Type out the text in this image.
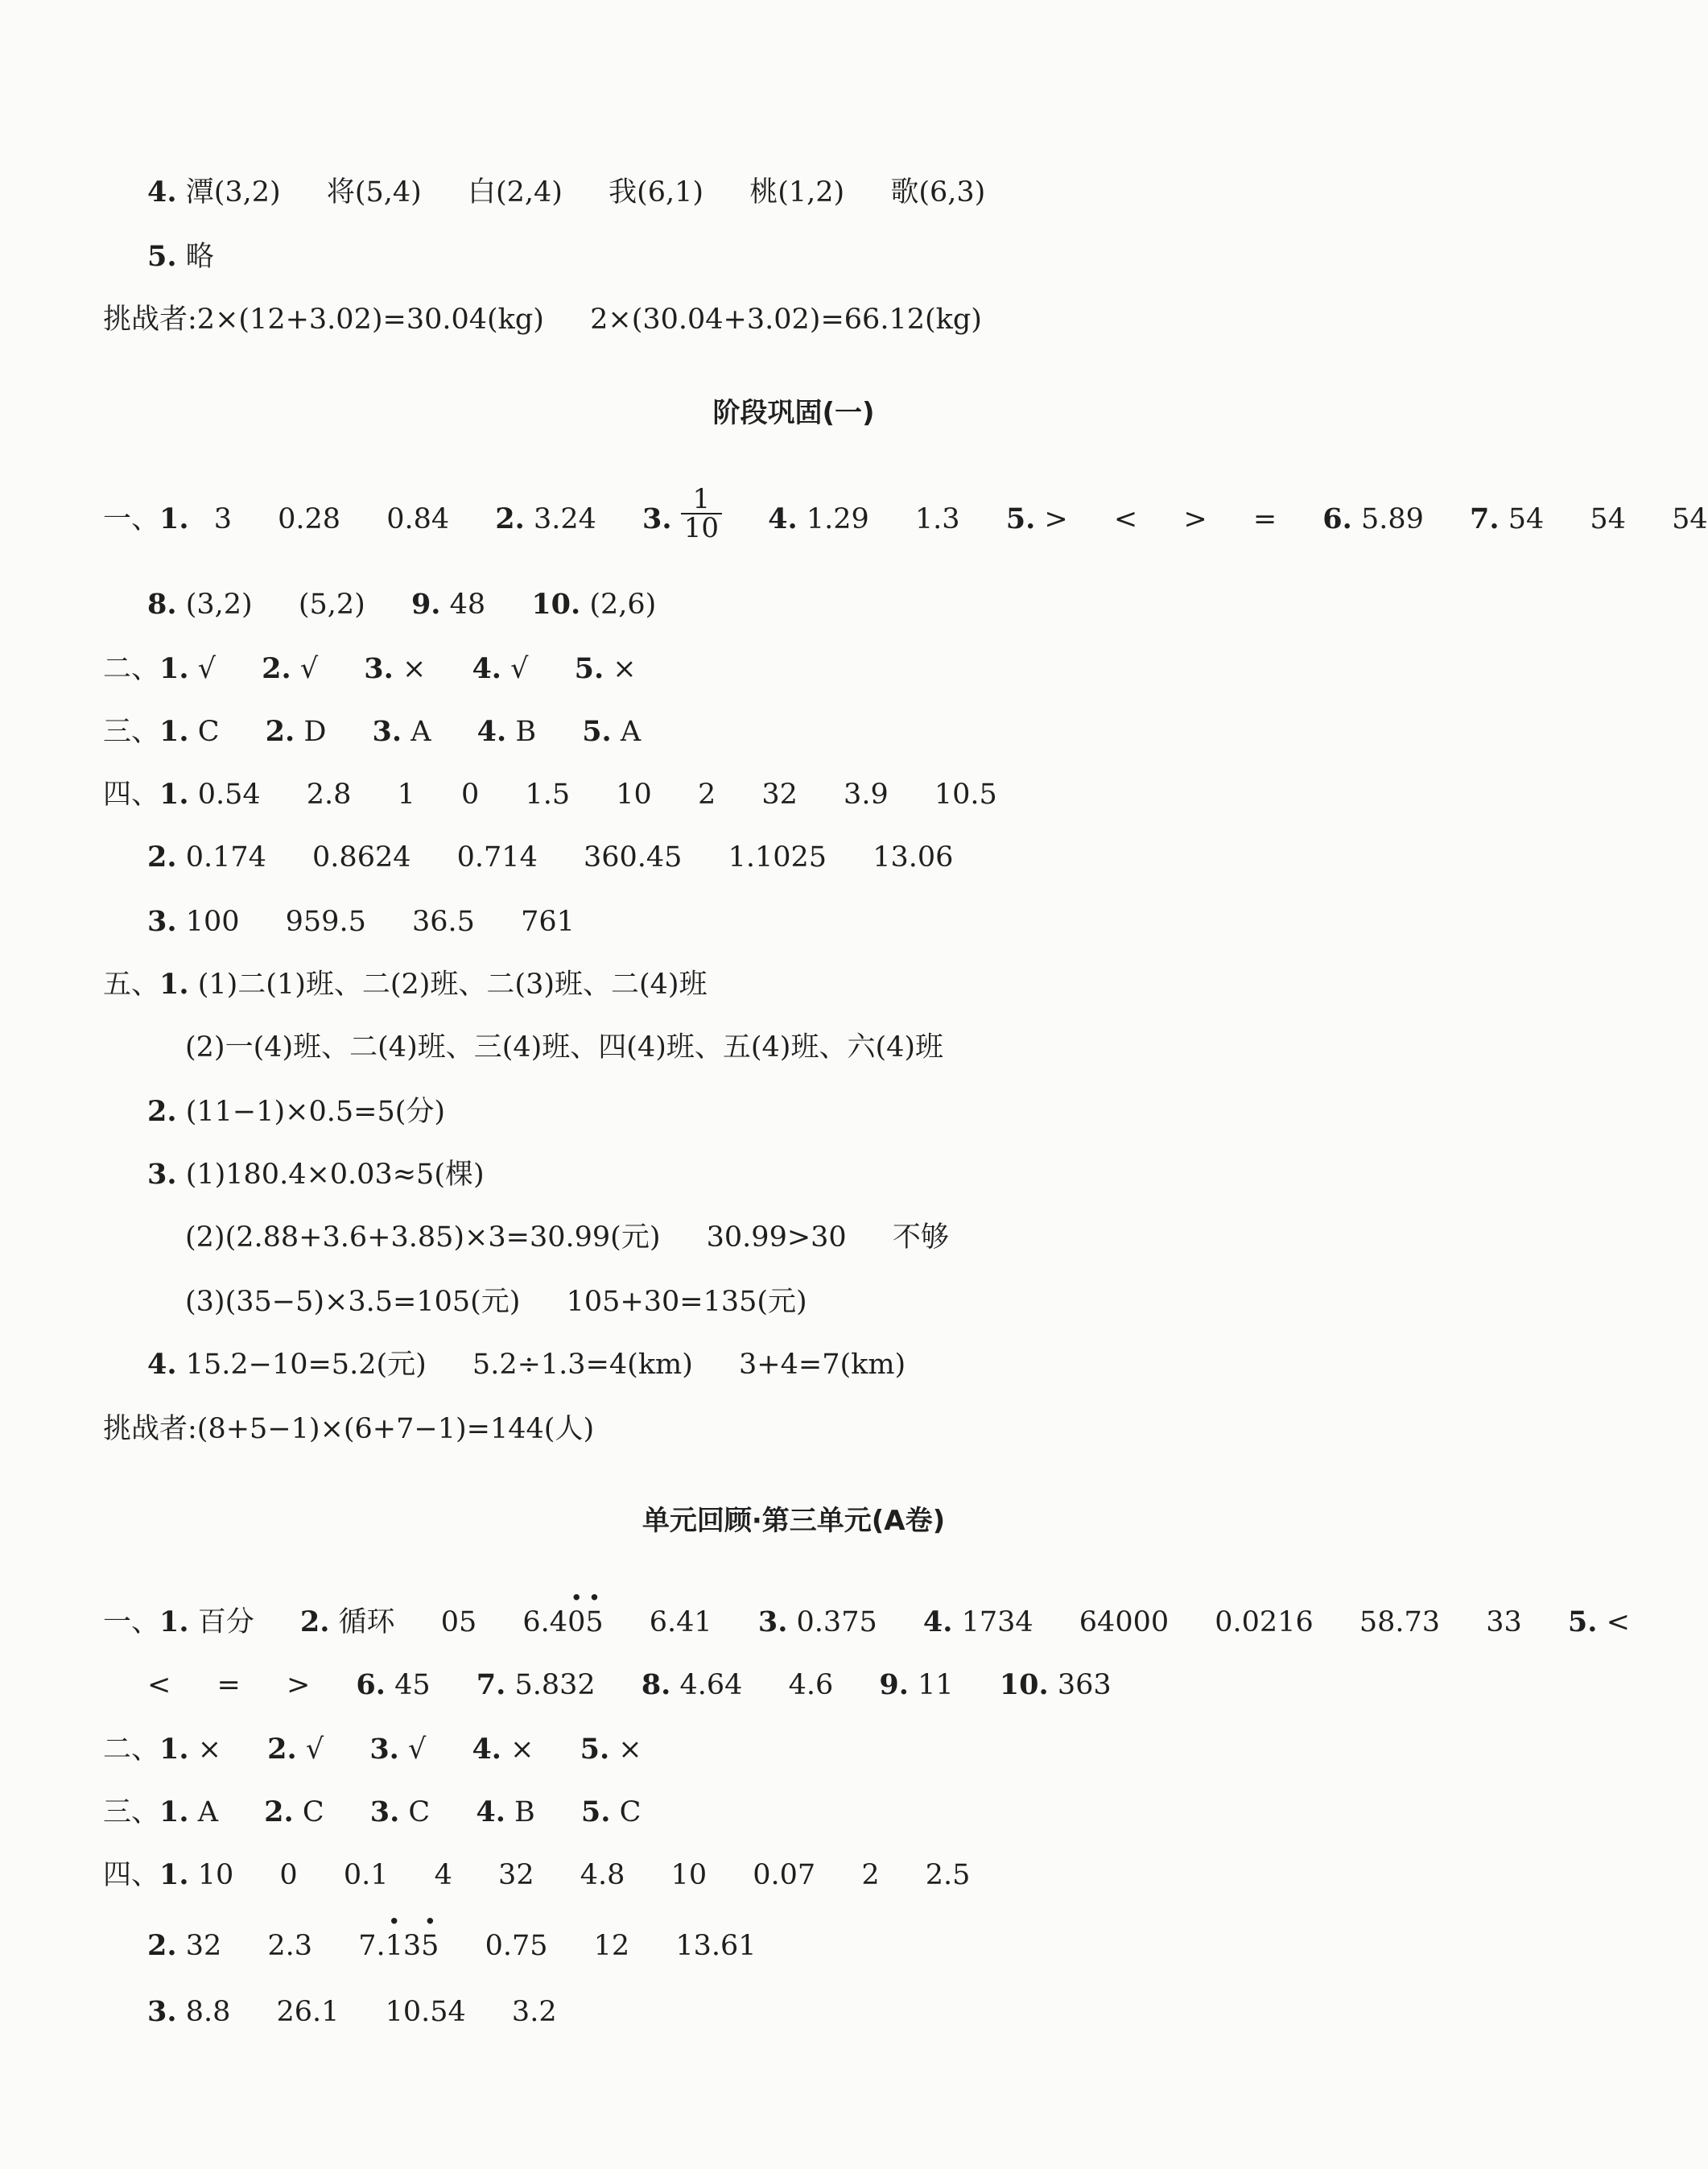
4. 潭(3,2) 将(5,4) 白(2,4) 我(6,1) 桃(1,2) 歌(6,3)
5. 略
挑战者:2×(12+3.02)=30.04(kg) 2×(30.04+3.02)=66.12(kg)
阶段巩固(一)
一、1. 3 0.28 0.84 2. 3.24 3. $\frac{1}{10} 4$. 1.29 1.3 5. > < > = 6. 5.89 7. 54 54 54
8. (3,2) (5,2) 9. 48 10. (2,6)
二、1. √ 2. √ 3. × 4. √ 5. ×
三、1. C 2. D 3. A 4. B 5. A
四、1. 0.54 2.8 1 0 1.5 10 2 32 3.9 10.5
2. 0.174 0.8624 0.714 360.45 1.1025 13.06
3. 100 959.5 36.5 761
五、1. (1)二(1)班、二(2)班、二(3)班、二(4)班
(2)一(4)班、二(4)班、三(4)班、四(4)班、五(4)班、六(4)班
2. (11−1)×0.5=5(分)
3. (1)180.4×0.03≈5(棵)
(2)(2.88+3.6+3.85)×3=30.99(元) 30.99>30 不够
(3)(35−5)×3.5=105(元) 105+30=135(元)
4. 15.2−10=5.2(元) 5.2÷1.3=4(km) 3+4=7(km)
挑战者:(8+5−1)×(6+7−1)=144(人)
单元回顾·第三单元(A卷)
一、1. 百分 2. 循环 05 6.4· 0· 5 6.41 3. 0.375 4. 1734 64000 0.0216 58.73 33 5. <
< = > 6. 45 7. 5.832 8. 4.64 4.6 9. 11 10. 363
二、1. × 2. √ 3. √ 4. × 5. ×
三、1. A 2. C 3. C 4. B 5. C
四、1. 10 0 0.1 4 32 4.8 10 0.07 2 2.5
2. 32 2.3 7.· 13· 5 0.75 12 13.61
3. 8.8 26.1 10.54 3.2
